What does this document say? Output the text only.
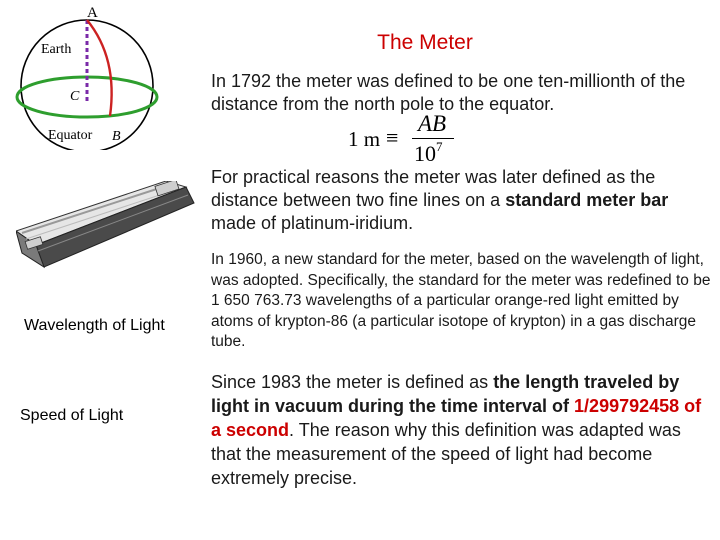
A
Earth
C
Equator B
The Meter
In 1792 the meter was defined to be one ten-millionth of the distance from the north pole to the equator.
1 m ≡
AB
$10^7$
For practical reasons the meter was later defined as the distance between two fine lines on a standard meter bar made of platinum-iridium.
In 1960, a new standard for the meter, based on the wavelength of light, was adopted. Specifically, the standard for the meter was redefined to be 1 650 763.73 wavelengths of a particular orange-red light emitted by atoms of krypton-86 (a particular isotope of krypton) in a gas discharge tube.
Since 1983 the meter is defined as the length traveled by light in vacuum during the time interval of 1/299792458 of a second. The reason why this definition was adapted was that the measurement of the speed of light had become extremely precise.
Wavelength of Light
Speed of Light
